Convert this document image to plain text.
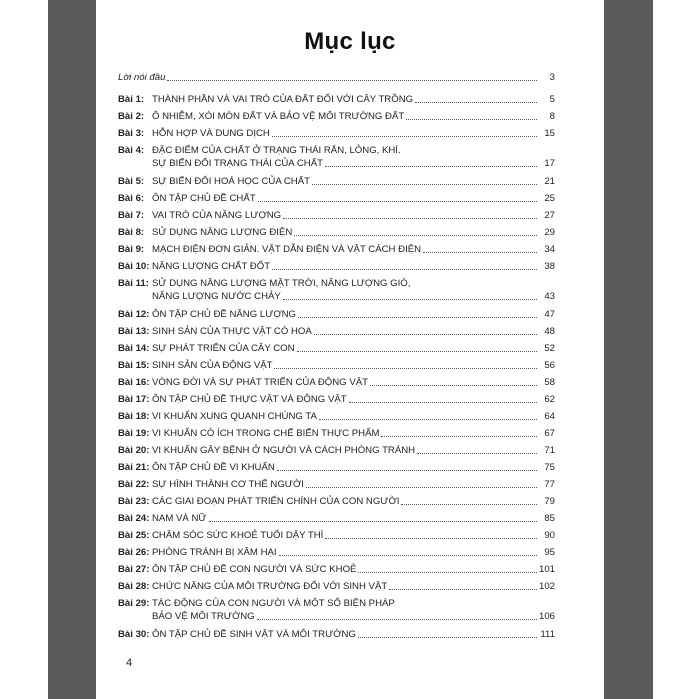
Mục lục
Lời nói đầu	3
Bài 1: THÀNH PHẦN VÀ VAI TRÒ CỦA ĐẤT ĐỐI VỚI CÂY TRỒNG	5
Bài 2: Ô NHIỄM, XÓI MÒN ĐẤT VÀ BẢO VỆ MÔI TRƯỜNG ĐẤT	8
Bài 3: HỖN HỢP VÀ DUNG DỊCH	15
Bài 4: ĐẶC ĐIỂM CỦA CHẤT Ở TRẠNG THÁI RẮN, LỎNG, KHÍ.
SỰ BIẾN ĐỔI TRẠNG THÁI CỦA CHẤT	17
Bài 5: SỰ BIẾN ĐỔI HOÁ HỌC CỦA CHẤT	21
Bài 6: ÔN TẬP CHỦ ĐỀ CHẤT	25
Bài 7: VAI TRÒ CỦA NĂNG LƯỢNG	27
Bài 8: SỬ DỤNG NĂNG LƯỢNG ĐIỆN	29
Bài 9: MẠCH ĐIỆN ĐƠN GIẢN. VẬT DẪN ĐIỆN VÀ VẬT CÁCH ĐIỆN	34
Bài 10: NĂNG LƯỢNG CHẤT ĐỐT	38
Bài 11: SỬ DỤNG NĂNG LƯỢNG MẶT TRỜI, NĂNG LƯỢNG GIÓ,
NĂNG LƯỢNG NƯỚC CHẢY	43
Bài 12: ÔN TẬP CHỦ ĐỀ NĂNG LƯỢNG	47
Bài 13: SINH SẢN CỦA THỰC VẬT CÓ HOA	48
Bài 14: SỰ PHÁT TRIỂN CỦA CÂY CON	52
Bài 15: SINH SẢN CỦA ĐỘNG VẬT	56
Bài 16: VÒNG ĐỜI VÀ SỰ PHÁT TRIỂN CỦA ĐỘNG VẬT	58
Bài 17: ÔN TẬP CHỦ ĐỀ THỰC VẬT VÀ ĐỘNG VẬT	62
Bài 18: VI KHUẨN XUNG QUANH CHÚNG TA	64
Bài 19: VI KHUẨN CÓ ÍCH TRONG CHẾ BIẾN THỰC PHẨM	67
Bài 20: VI KHUẨN GÂY BỆNH Ở NGƯỜI VÀ CÁCH PHÒNG TRÁNH	71
Bài 21: ÔN TẬP CHỦ ĐỀ VI KHUẨN	75
Bài 22: SỰ HÌNH THÀNH CƠ THỂ NGƯỜI	77
Bài 23: CÁC GIAI ĐOẠN PHÁT TRIỂN CHÍNH CỦA CON NGƯỜI	79
Bài 24: NAM VÀ NỮ	85
Bài 25: CHĂM SÓC SỨC KHOẺ TUỔI DẬY THÌ	90
Bài 26: PHÒNG TRÁNH BỊ XÂM HẠI	95
Bài 27: ÔN TẬP CHỦ ĐỀ CON NGƯỜI VÀ SỨC KHOẺ	101
Bài 28: CHỨC NĂNG CỦA MÔI TRƯỜNG ĐỐI VỚI SINH VẬT	102
Bài 29: TÁC ĐỘNG CỦA CON NGƯỜI VÀ MỘT SỐ BIỆN PHÁP
BẢO VỆ MÔI TRƯỜNG	106
Bài 30: ÔN TẬP CHỦ ĐỀ SINH VẬT VÀ MÔI TRƯỜNG	111
4
